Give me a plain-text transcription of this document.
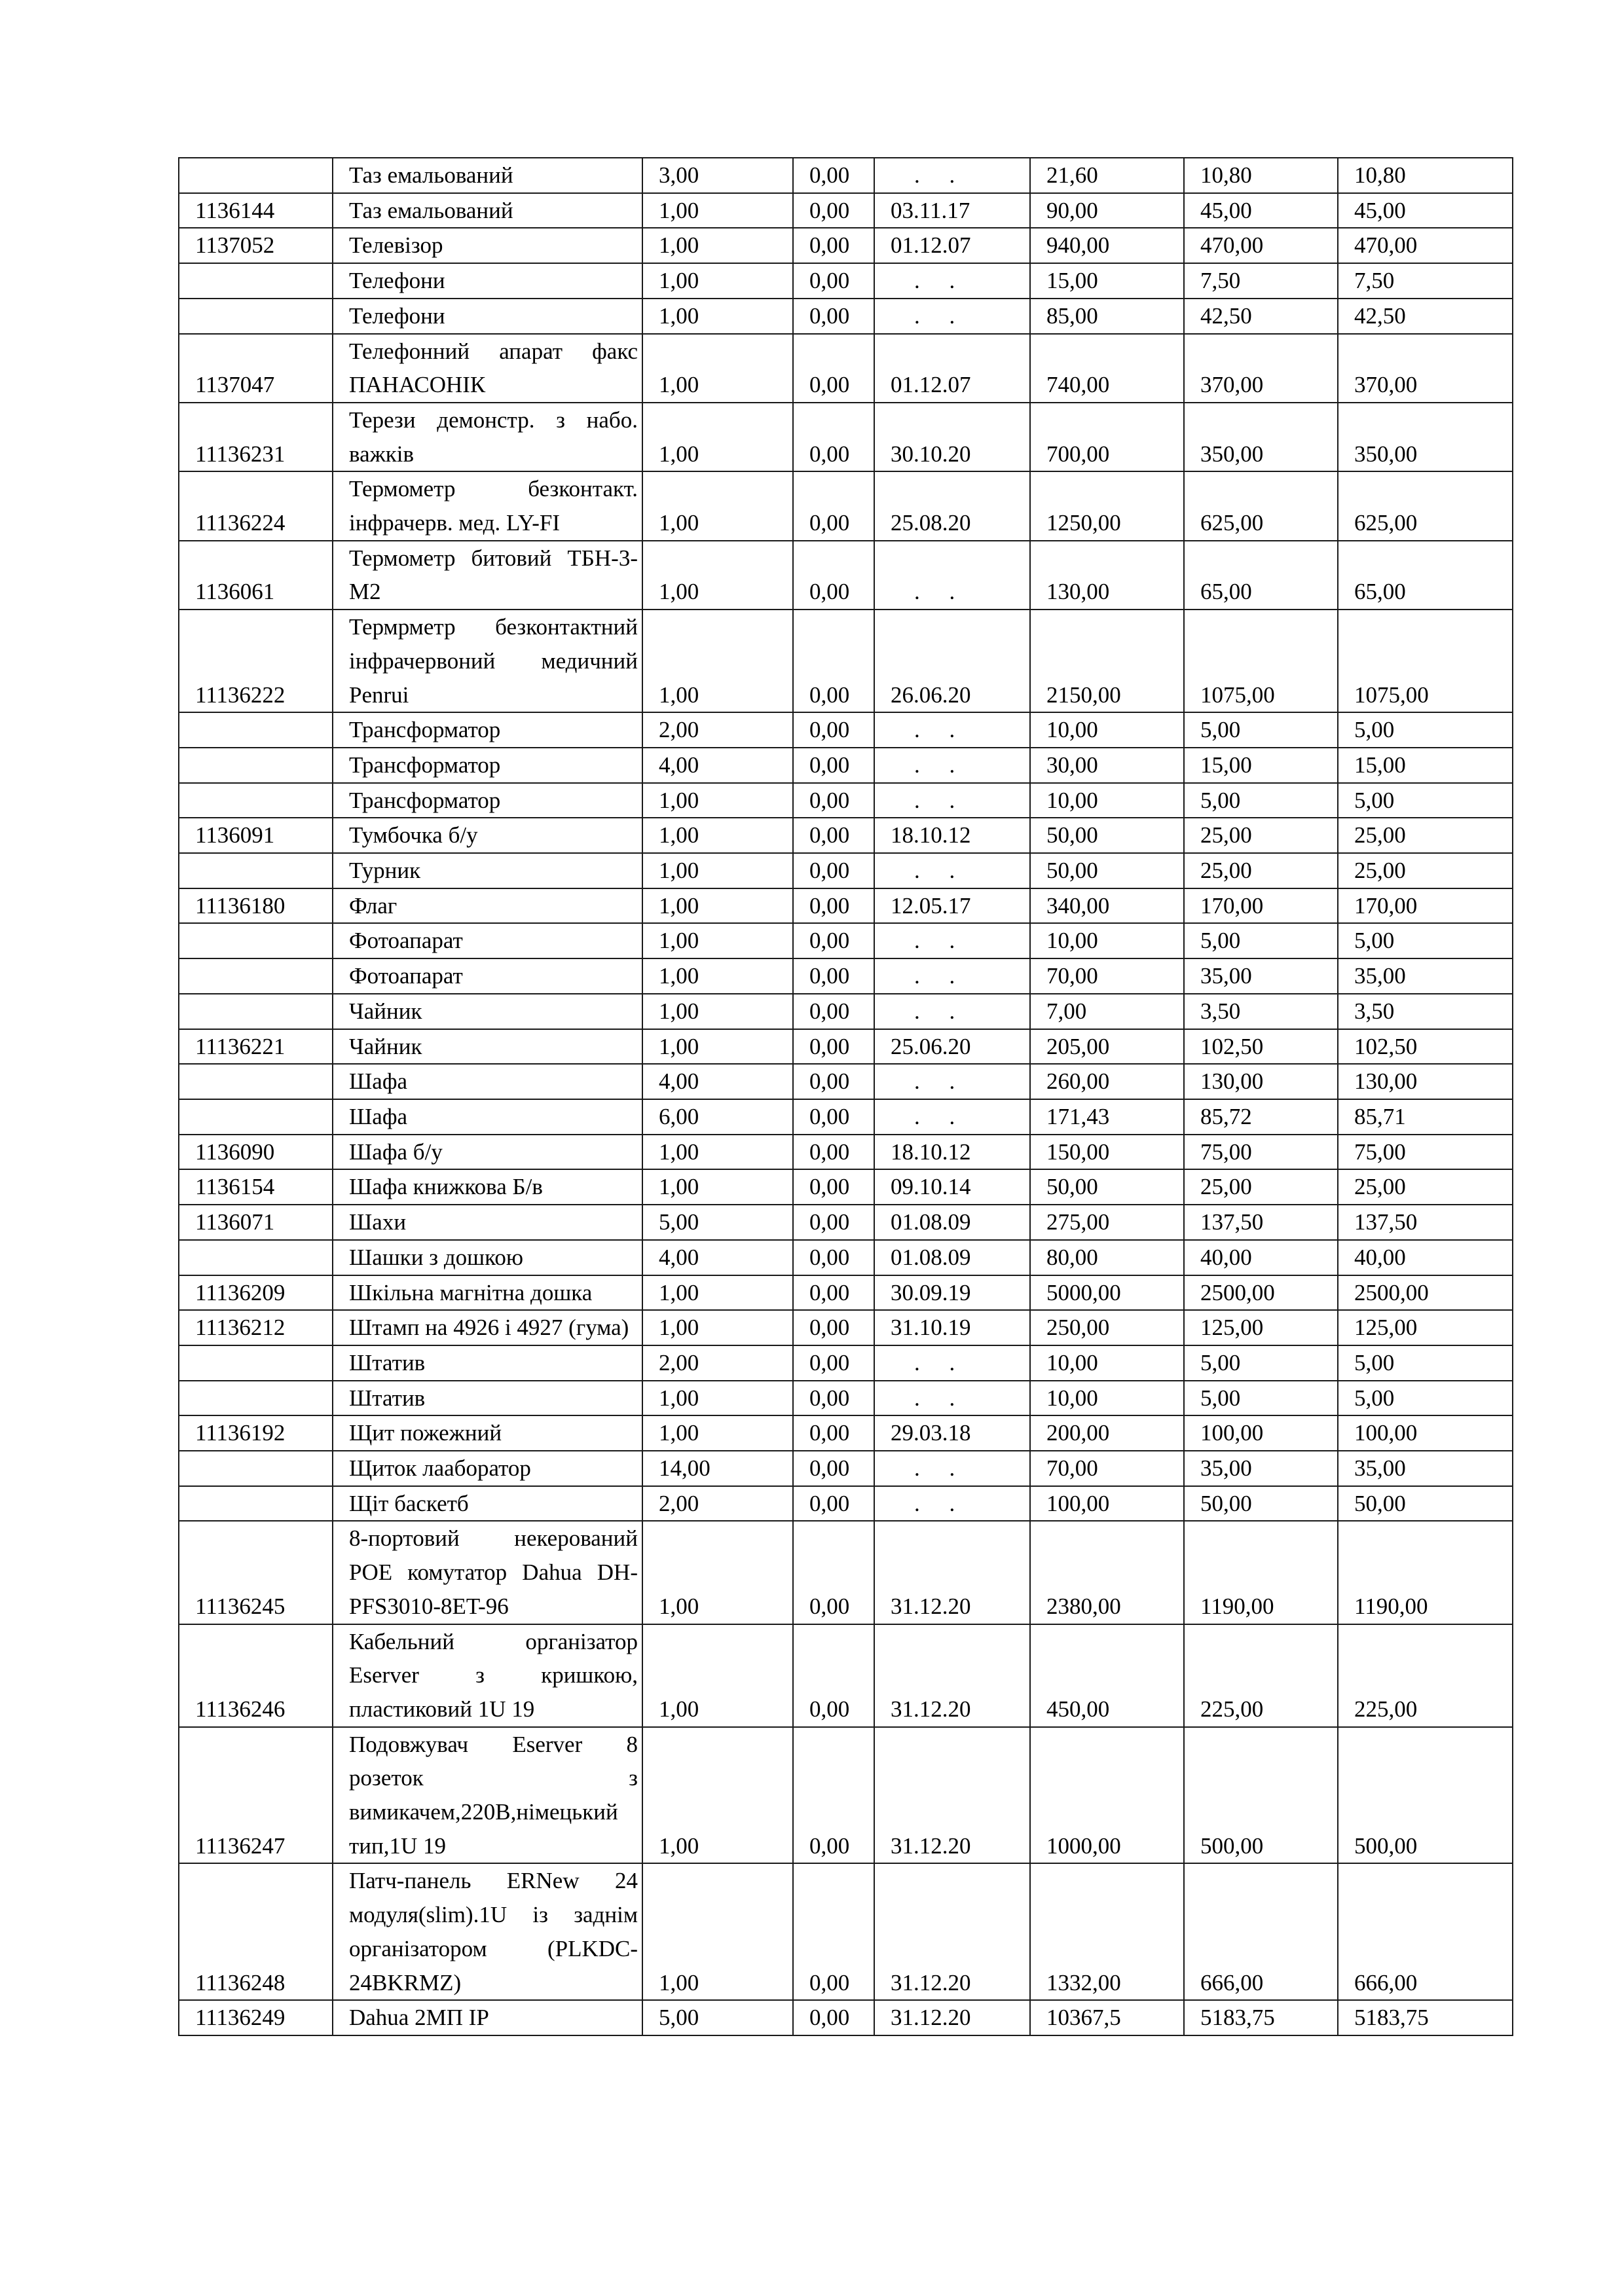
	Таз емальований	3,00	0,00	. .	21,60	10,80	10,80
1136144	Таз емальований	1,00	0,00	03.11.17	90,00	45,00	45,00
1137052	Телевізор	1,00	0,00	01.12.07	940,00	470,00	470,00
	Телефони	1,00	0,00	. .	15,00	7,50	7,50
	Телефони	1,00	0,00	. .	85,00	42,50	42,50
1137047	Телефонний апарат факс ПАНАСОНІК	1,00	0,00	01.12.07	740,00	370,00	370,00
11136231	Терези демонстр. з набо. важків	1,00	0,00	30.10.20	700,00	350,00	350,00
11136224	Термометр безконтакт. інфрачерв. мед. LY-FI	1,00	0,00	25.08.20	1250,00	625,00	625,00
1136061	Термометр битовий ТБН-3-М2	1,00	0,00	. .	130,00	65,00	65,00
11136222	Термрметр безконтактний інфрачервоний медичний Penrui	1,00	0,00	26.06.20	2150,00	1075,00	1075,00
	Трансформатор	2,00	0,00	. .	10,00	5,00	5,00
	Трансформатор	4,00	0,00	. .	30,00	15,00	15,00
	Трансформатор	1,00	0,00	. .	10,00	5,00	5,00
1136091	Тумбочка б/у	1,00	0,00	18.10.12	50,00	25,00	25,00
	Турник	1,00	0,00	. .	50,00	25,00	25,00
11136180	Флаг	1,00	0,00	12.05.17	340,00	170,00	170,00
	Фотоапарат	1,00	0,00	. .	10,00	5,00	5,00
	Фотоапарат	1,00	0,00	. .	70,00	35,00	35,00
	Чайник	1,00	0,00	. .	7,00	3,50	3,50
11136221	Чайник	1,00	0,00	25.06.20	205,00	102,50	102,50
	Шафа	4,00	0,00	. .	260,00	130,00	130,00
	Шафа	6,00	0,00	. .	171,43	85,72	85,71
1136090	Шафа б/у	1,00	0,00	18.10.12	150,00	75,00	75,00
1136154	Шафа книжкова Б/в	1,00	0,00	09.10.14	50,00	25,00	25,00
1136071	Шахи	5,00	0,00	01.08.09	275,00	137,50	137,50
	Шашки з дошкою	4,00	0,00	01.08.09	80,00	40,00	40,00
11136209	Шкільна магнітна дошка	1,00	0,00	30.09.19	5000,00	2500,00	2500,00
11136212	Штамп на 4926 і 4927 (гума)	1,00	0,00	31.10.19	250,00	125,00	125,00
	Штатив	2,00	0,00	. .	10,00	5,00	5,00
	Штатив	1,00	0,00	. .	10,00	5,00	5,00
11136192	Щит пожежний	1,00	0,00	29.03.18	200,00	100,00	100,00
	Щиток лааборатор	14,00	0,00	. .	70,00	35,00	35,00
	Щіт баскетб	2,00	0,00	. .	100,00	50,00	50,00
11136245	8-портовий некерований POE комутатор Dahua DH-PFS3010-8ET-96	1,00	0,00	31.12.20	2380,00	1190,00	1190,00
11136246	Кабельний організатор Eserver з кришкою, пластиковий 1U 19	1,00	0,00	31.12.20	450,00	225,00	225,00
11136247	Подовжувач Eserver 8 розеток з вимикачем,220В,німецький тип,1U 19	1,00	0,00	31.12.20	1000,00	500,00	500,00
11136248	Патч-панель ERNew 24 модуля(slim).1U із заднім організатором (PLKDC-24BKRMZ)	1,00	0,00	31.12.20	1332,00	666,00	666,00
11136249	Dahua 2МП IP	5,00	0,00	31.12.20	10367,5	5183,75	5183,75
